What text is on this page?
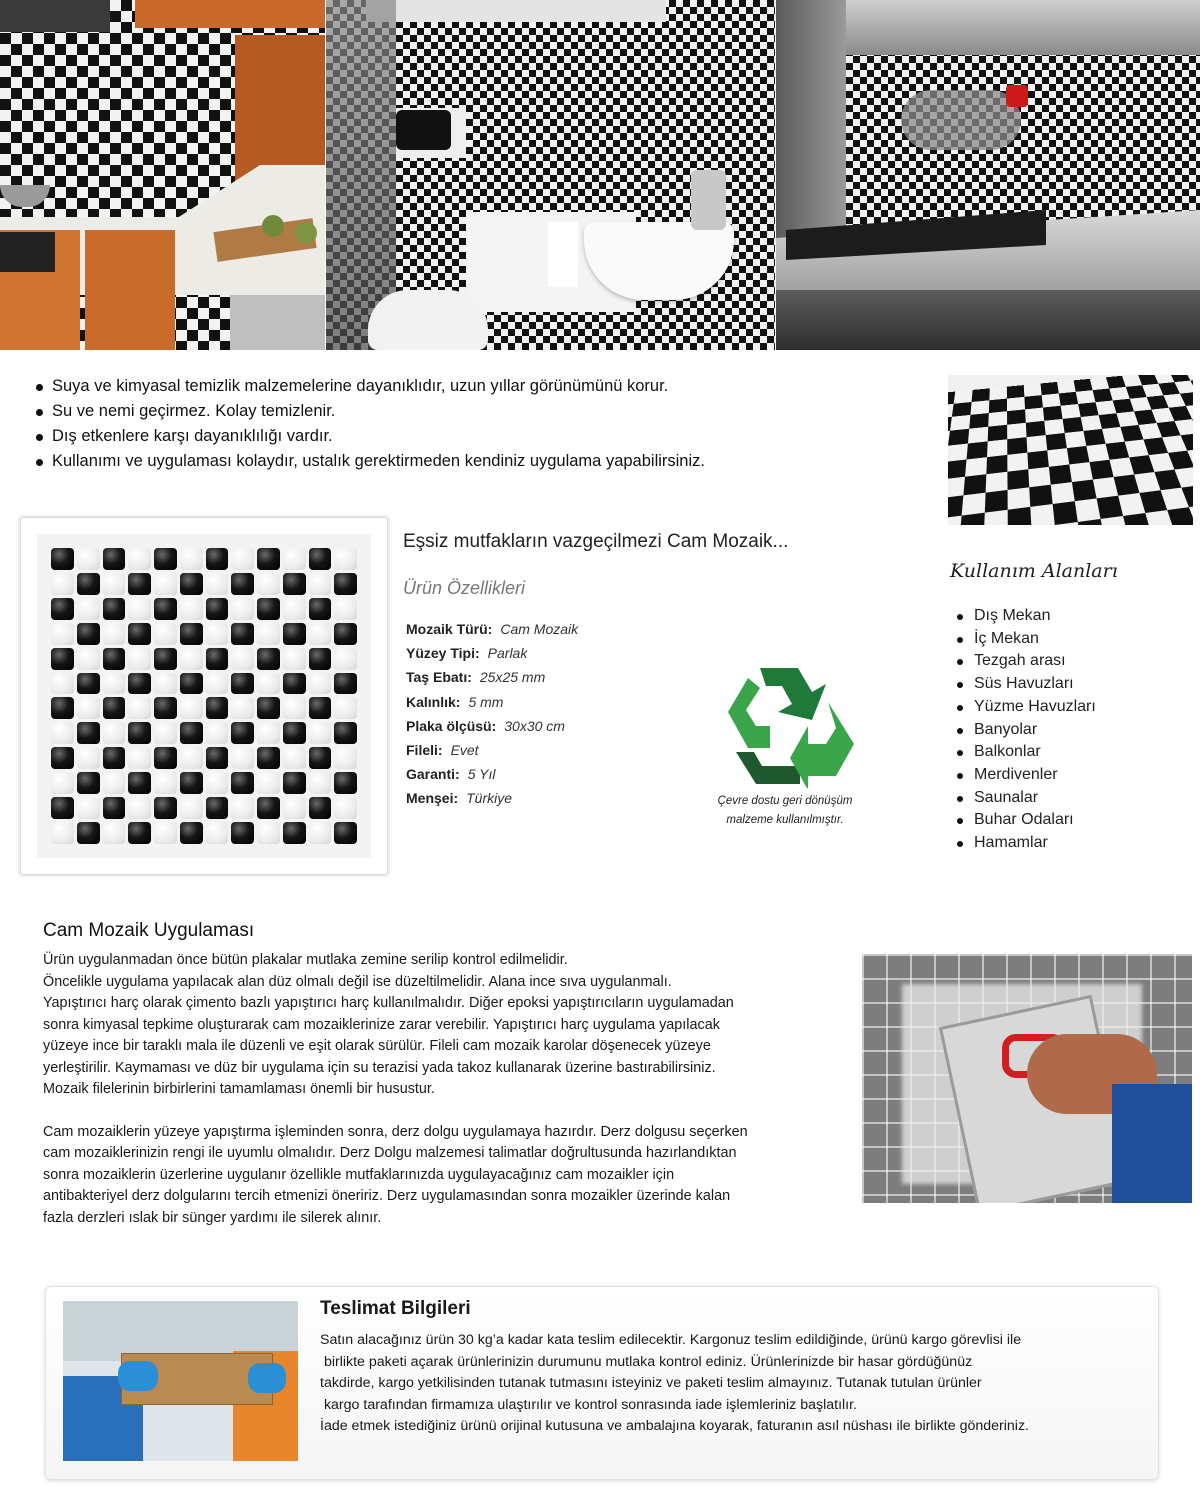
Suya ve kimyasal temizlik malzemelerine dayanıklıdır, uzun yıllar görünümünü korur.
Su ve nemi geçirmez. Kolay temizlenir.
Dış etkenlere karşı dayanıklılığı vardır.
Kullanımı ve uygulaması kolaydır, ustalık gerektirmeden kendiniz uygulama yapabilirsiniz.
Eşsiz mutfakların vazgeçilmezi Cam Mozaik...
Ürün Özellikleri
Mozaik Türü: Cam Mozaik
Yüzey Tipi: Parlak
Taş Ebatı: 25x25 mm
Kalınlık: 5 mm
Plaka ölçüsü: 30x30 cm
Fileli: Evet
Garanti: 5 Yıl
Menşei: Türkiye	Çevre dostu geri dönüşüm
malzeme kullanılmıştır.
Kullanım Alanları
Dış Mekan
İç Mekan
Tezgah arası
Süs Havuzları
Yüzme Havuzları
Banyolar
Balkonlar
Merdivenler
Saunalar
Buhar Odaları
Hamamlar
Cam Mozaik Uygulaması

Ürün uygulanmadan önce bütün plakalar mutlaka zemine serilip kontrol edilmelidir.

Öncelikle uygulama yapılacak alan düz olmalı değil ise düzeltilmelidir. Alana ince sıva uygulanmalı.

Yapıştırıcı harç olarak çimento bazlı yapıştırıcı harç kullanılmalıdır. Diğer epoksi yapıştırıcıların uygulamadan

sonra kimyasal tepkime oluşturarak cam mozaiklerinize zarar verebilir. Yapıştırıcı harç uygulama yapılacak

yüzeye ince bir taraklı mala ile düzenli ve eşit olarak sürülür. Fileli cam mozaik karolar döşenecek yüzeye

yerleştirilir. Kaymaması ve düz bir uygulama için su terazisi yada takoz kullanarak üzerine bastırabilirsiniz.

Mozaik filelerinin birbirlerini tamamlaması önemli bir husustur.

Cam mozaiklerin yüzeye yapıştırma işleminden sonra, derz dolgu uygulamaya hazırdır. Derz dolgusu seçerken

cam mozaiklerinizin rengi ile uyumlu olmalıdır. Derz Dolgu malzemesi talimatlar doğrultusunda hazırlandıktan

sonra mozaiklerin üzerlerine uygulanır özellikle mutfaklarınızda uygulayacağınız cam mozaikler için

antibakteriyel derz dolgularını tercih etmenizi öneririz. Derz uygulamasından sonra mozaikler üzerinde kalan

fazla derzleri ıslak bir sünger yardımı ile silerek alınır.

Teslimat Bilgileri

Satın alacağınız ürün 30 kg’a kadar kata teslim edilecektir. Kargonuz teslim edildiğinde, ürünü kargo görevlisi ile

birlikte paketi açarak ürünlerinizin durumunu mutlaka kontrol ediniz. Ürünlerinizde bir hasar gördüğünüz

takdirde, kargo yetkilisinden tutanak tutmasını isteyiniz ve paketi teslim almayınız. Tutanak tutulan ürünler

kargo tarafından firmamıza ulaştırılır ve kontrol sonrasında iade işlemleriniz başlatılır.

İade etmek istediğiniz ürünü orijinal kutusuna ve ambalajına koyarak, faturanın asıl nüshası ile birlikte gönderiniz.
